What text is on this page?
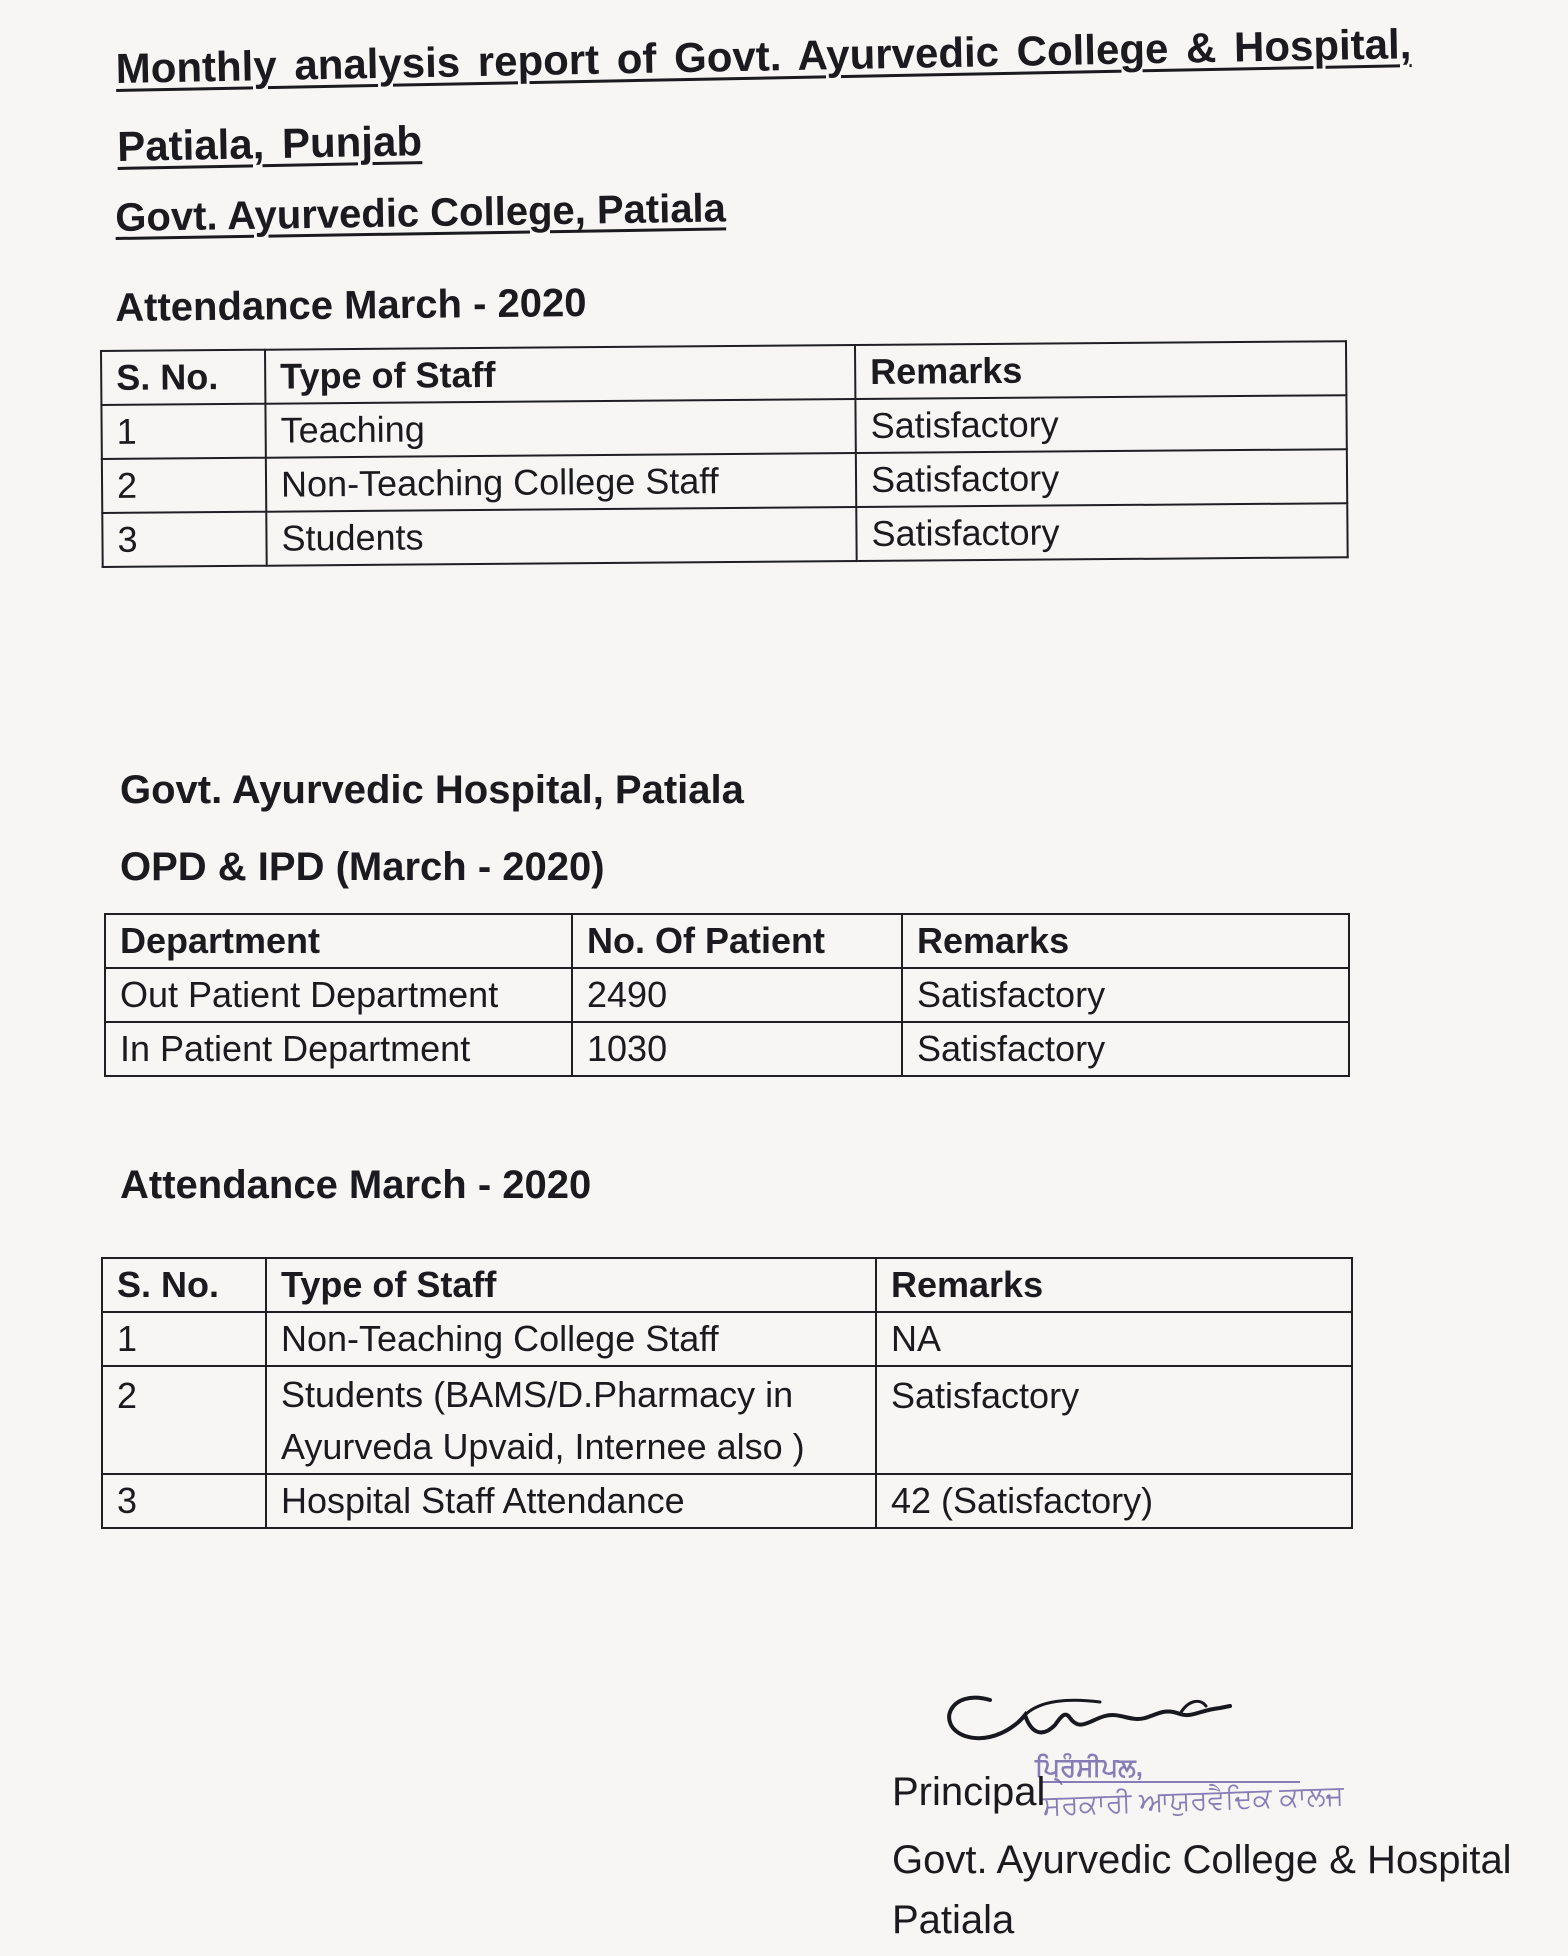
Monthly analysis report of Govt. Ayurvedic College & Hospital, Patiala, Punjab
Govt. Ayurvedic College, Patiala
Attendance March - 2020
S. No.	Type of Staff	Remarks
1	Teaching	Satisfactory
2	Non-Teaching College Staff	Satisfactory
3	Students	Satisfactory
Govt. Ayurvedic Hospital, Patiala
OPD & IPD (March - 2020)
Department	No. Of Patient	Remarks
Out Patient Department	2490	Satisfactory
In Patient Department	1030	Satisfactory
Attendance March - 2020
S. No.	Type of Staff	Remarks
1	Non-Teaching College Staff	NA
2	Students (BAMS/D.Pharmacy in Ayurveda Upvaid, Internee also )	Satisfactory
3	Hospital Staff Attendance	42 (Satisfactory)
ਪ੍ਰਿੰਸੀਪਲ,
ਸਰਕਾਰੀ ਆਯੁਰਵੈਦਿਕ ਕਾਲਜ
Principal
Govt. Ayurvedic College & Hospital
Patiala
